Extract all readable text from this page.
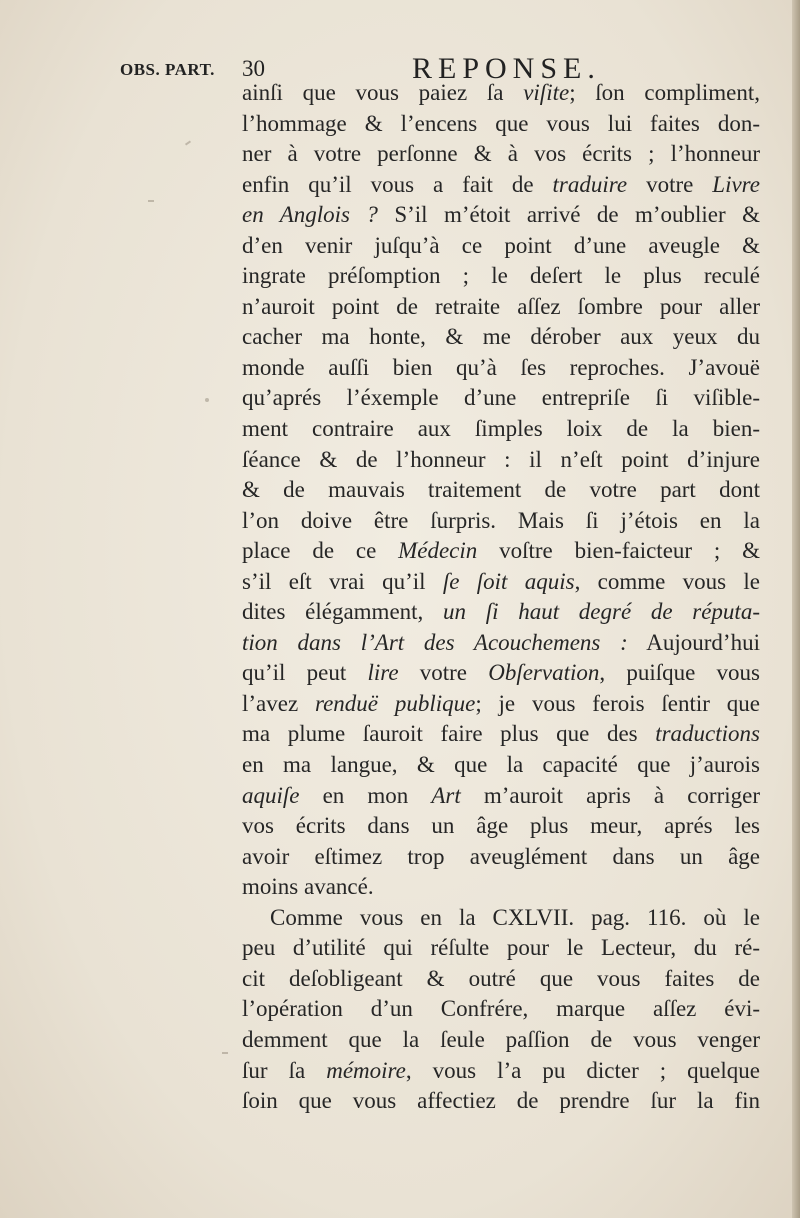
OBS. PART. 30	REPONSE.
ainſi que vous paiez ſa viſite; ſon compliment,
l’hommage & l’encens que vous lui faites don-
ner à votre perſonne & à vos écrits ; l’honneur
enfin qu’il vous a fait de traduire votre Livre
en Anglois ? S’il m’étoit arrivé de m’oublier &
d’en venir juſqu’à ce point d’une aveugle &
ingrate préſomption ; le deſert le plus reculé
n’auroit point de retraite aſſez ſombre pour aller
cacher ma honte, & me dérober aux yeux du
monde auſſi bien qu’à ſes reproches. J’avouë
qu’aprés l’éxemple d’une entrepriſe ſi viſible-
ment contraire aux ſimples loix de la bien-
ſéance & de l’honneur : il n’eſt point d’injure
& de mauvais traitement de votre part dont
l’on doive être ſurpris. Mais ſi j’étois en la
place de ce Médecin voſtre bien-faicteur ; &
s’il eſt vrai qu’il ſe ſoit aquis, comme vous le
dites élégamment, un ſi haut degré de réputa-
tion dans l’Art des Acouchemens : Aujourd’hui
qu’il peut lire votre Obſervation, puiſque vous
l’avez renduë publique; je vous ferois ſentir que
ma plume ſauroit faire plus que des traductions
en ma langue, & que la capacité que j’aurois
aquiſe en mon Art m’auroit apris à corriger
vos écrits dans un âge plus meur, aprés les
avoir eſtimez trop aveuglément dans un âge
moins avancé.
Comme vous en la CXLVII. pag. 116. où le
peu d’utilité qui réſulte pour le Lecteur, du ré-
cit deſobligeant & outré que vous faites de
l’opération d’un Confrére, marque aſſez évi-
demment que la ſeule paſſion de vous venger
ſur ſa mémoire, vous l’a pu dicter ; quelque
ſoin que vous affectiez de prendre ſur la fin
